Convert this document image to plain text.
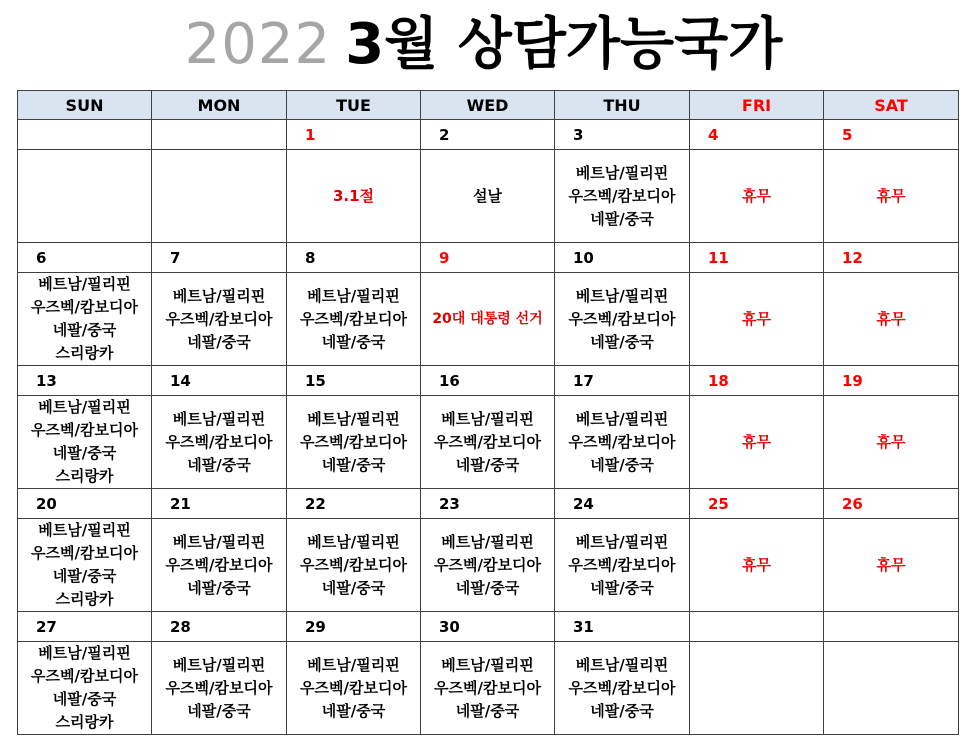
2022 3월 상담가능국가
SUN	MON	TUE	WED	THU	FRI	SAT
		1	2	3	4	5
		3.1절	설날	베트남/필리핀
우즈벡/캄보디아
네팔/중국	휴무	휴무
6	7	8	9	10	11	12

베트남/필리핀
우즈벡/캄보디아
네팔/중국
스리랑카	베트남/필리핀
우즈벡/캄보디아
네팔/중국	베트남/필리핀
우즈벡/캄보디아
네팔/중국	20대 대통령 선거	베트남/필리핀
우즈벡/캄보디아
네팔/중국	휴무	휴무
13	14	15	16	17	18	19

베트남/필리핀
우즈벡/캄보디아
네팔/중국
스리랑카	베트남/필리핀
우즈벡/캄보디아
네팔/중국	베트남/필리핀
우즈벡/캄보디아
네팔/중국	베트남/필리핀
우즈벡/캄보디아
네팔/중국	베트남/필리핀
우즈벡/캄보디아
네팔/중국	휴무	휴무
20	21	22	23	24	25	26

베트남/필리핀
우즈벡/캄보디아
네팔/중국
스리랑카	베트남/필리핀
우즈벡/캄보디아
네팔/중국	베트남/필리핀
우즈벡/캄보디아
네팔/중국	베트남/필리핀
우즈벡/캄보디아
네팔/중국	베트남/필리핀
우즈벡/캄보디아
네팔/중국	휴무	휴무
27	28	29	30	31		

베트남/필리핀
우즈벡/캄보디아
네팔/중국
스리랑카	베트남/필리핀
우즈벡/캄보디아
네팔/중국	베트남/필리핀
우즈벡/캄보디아
네팔/중국	베트남/필리핀
우즈벡/캄보디아
네팔/중국	베트남/필리핀
우즈벡/캄보디아
네팔/중국		
